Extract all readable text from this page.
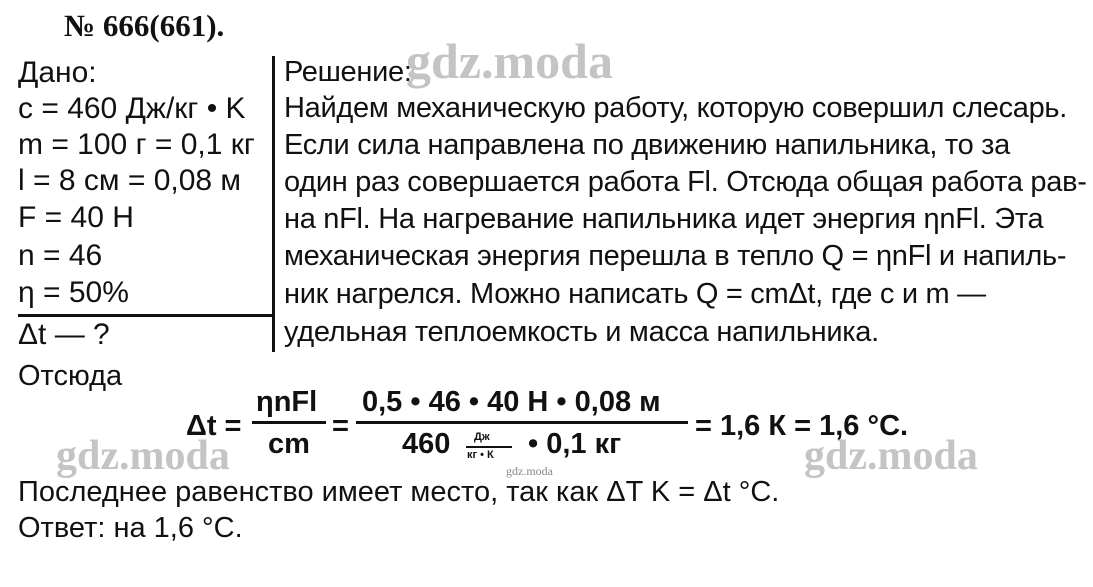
№ 666(661).
Дано:
c = 460 Дж/кг • K
m = 100 г = 0,1 кг
l = 8 см = 0,08 м
F = 40 Н
n = 46
η = 50%
Δt — ?
Решение:
Найдем механическую работу, которую совершил слесарь.
Если сила направлена по движению напильника, то за
один раз совершается работа Fl. Отсюда общая работа рав-
на nFl. На нагревание напильника идет энергия ηnFl. Эта
механическая энергия перешла в тепло Q = ηnFl и напиль-
ник нагрелся. Можно написать Q = cmΔt, где c и m —
удельная теплоемкость и масса напильника.
Отсюда
Δt =
ηnFl
cm
=
0,5 • 46 • 40 Н • 0,08 м
460 Дж
кг • К • 0,1 кг
= 1,6 К = 1,6 °С.
Последнее равенство имеет место, так как ΔT K = Δt °С.
Ответ: на 1,6 °С.
gdz.moda
gdz.moda	gdz.moda
gdz.moda
